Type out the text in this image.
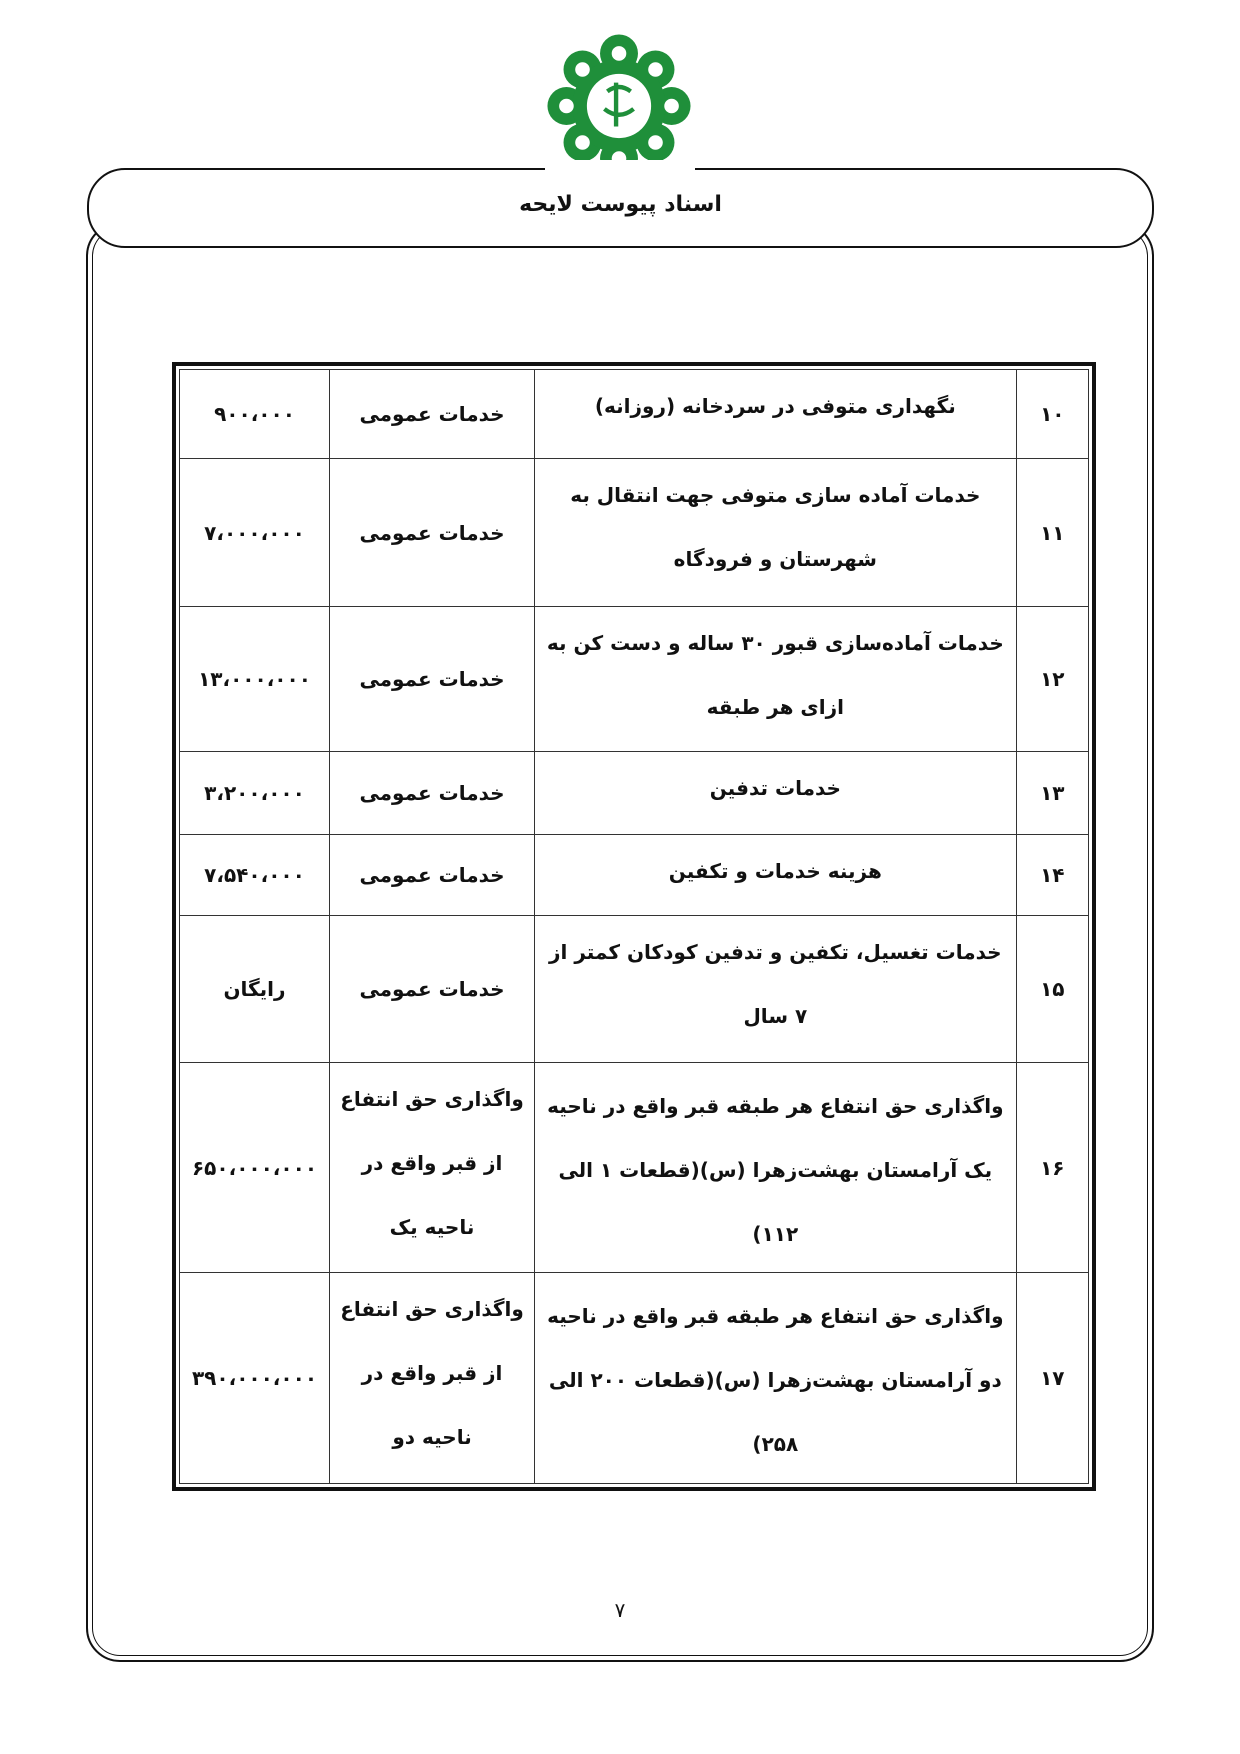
اسناد پیوست لایحه
۱۰	نگهداری متوفی در سردخانه (روزانه)	خدمات عمومی	۹۰۰،۰۰۰
۱۱	خدمات آماده سازی متوفی جهت انتقال به شهرستان و فرودگاه	خدمات عمومی	۷،۰۰۰،۰۰۰
۱۲	خدمات آماده‌سازی قبور ۳۰ ساله و دست کن به ازای هر طبقه	خدمات عمومی	۱۳،۰۰۰،۰۰۰
۱۳	خدمات تدفین	خدمات عمومی	۳،۲۰۰،۰۰۰
۱۴	هزینه خدمات و تکفین	خدمات عمومی	۷،۵۴۰،۰۰۰
۱۵	خدمات تغسیل، تکفین و تدفین کودکان کمتر از ۷ سال	خدمات عمومی	رایگان
۱۶	واگذاری حق انتفاع هر طبقه قبر واقع در ناحیه یک آرامستان بهشت‌زهرا (س)(قطعات ۱ الی ۱۱۲)	واگذاری حق انتفاع از قبر واقع در ناحیه یک	۶۵۰،۰۰۰،۰۰۰
۱۷	واگذاری حق انتفاع هر طبقه قبر واقع در ناحیه دو آرامستان بهشت‌زهرا (س)(قطعات ۲۰۰ الی ۲۵۸)	واگذاری حق انتفاع از قبر واقع در ناحیه دو	۳۹۰،۰۰۰،۰۰۰
۷
